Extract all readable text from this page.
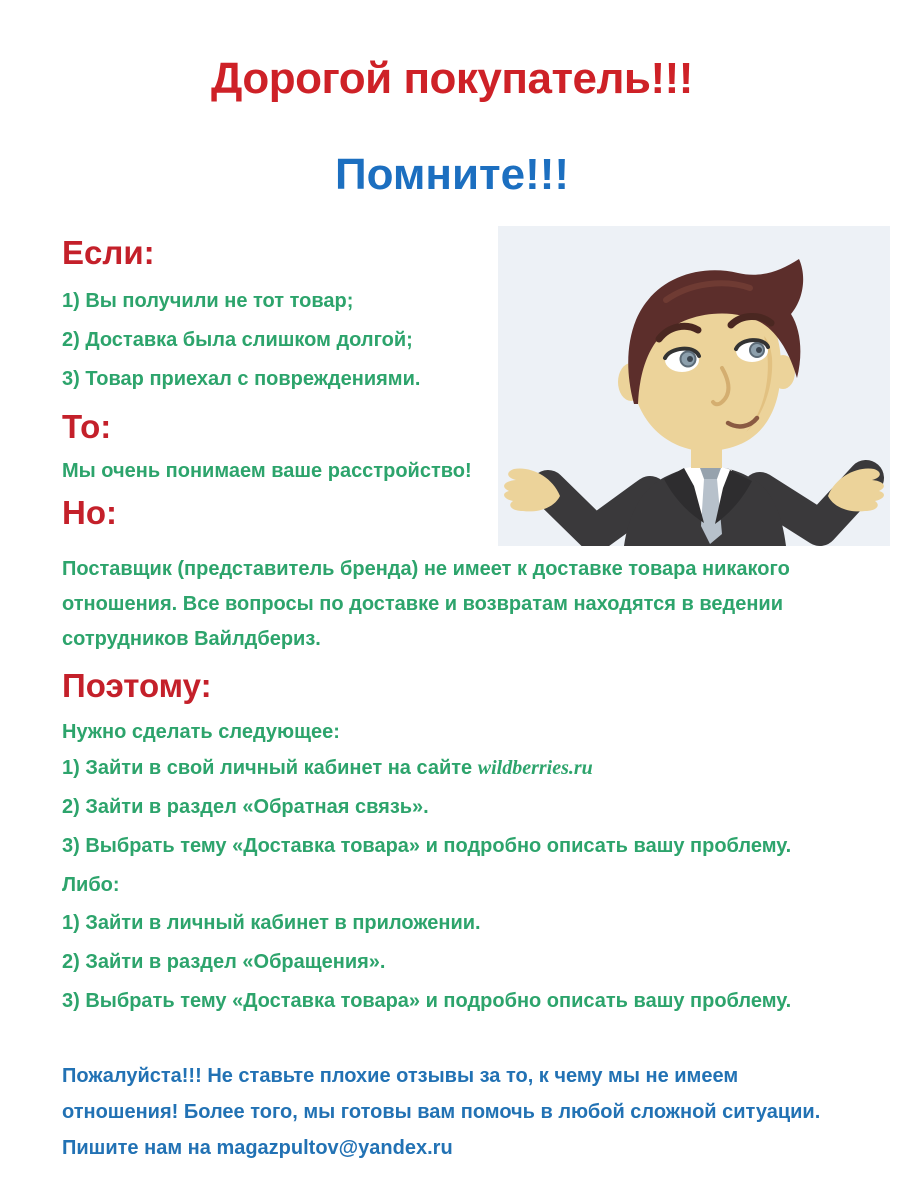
Дорогой покупатель!!!
Помните!!!
Если:

1) Вы получили не тот товар;

2) Доставка была слишком долгой;

3) Товар приехал с повреждениями.

То:

Мы очень понимаем ваше расстройство!

Но:

Поставщик (представитель бренда) не имеет к доставке товара никакого отношения. Все вопросы по доставке и возвратам находятся в ведении сотрудников Вайлдбериз.

Поэтому:

Нужно сделать следующее:

1) Зайти в свой личный кабинет на сайте wildberries.ru

2) Зайти в раздел «Обратная связь».

3) Выбрать тему «Доставка товара» и подробно описать вашу проблему.

Либо:

1) Зайти в личный кабинет в приложении.

2) Зайти в раздел «Обращения».

3) Выбрать тему «Доставка товара» и подробно описать вашу проблему.

Пожалуйста!!! Не ставьте плохие отзывы за то, к чему мы не имеем отношения! Более того, мы готовы вам помочь в любой сложной ситуации. Пишите нам на magazpultov@yandex.ru
